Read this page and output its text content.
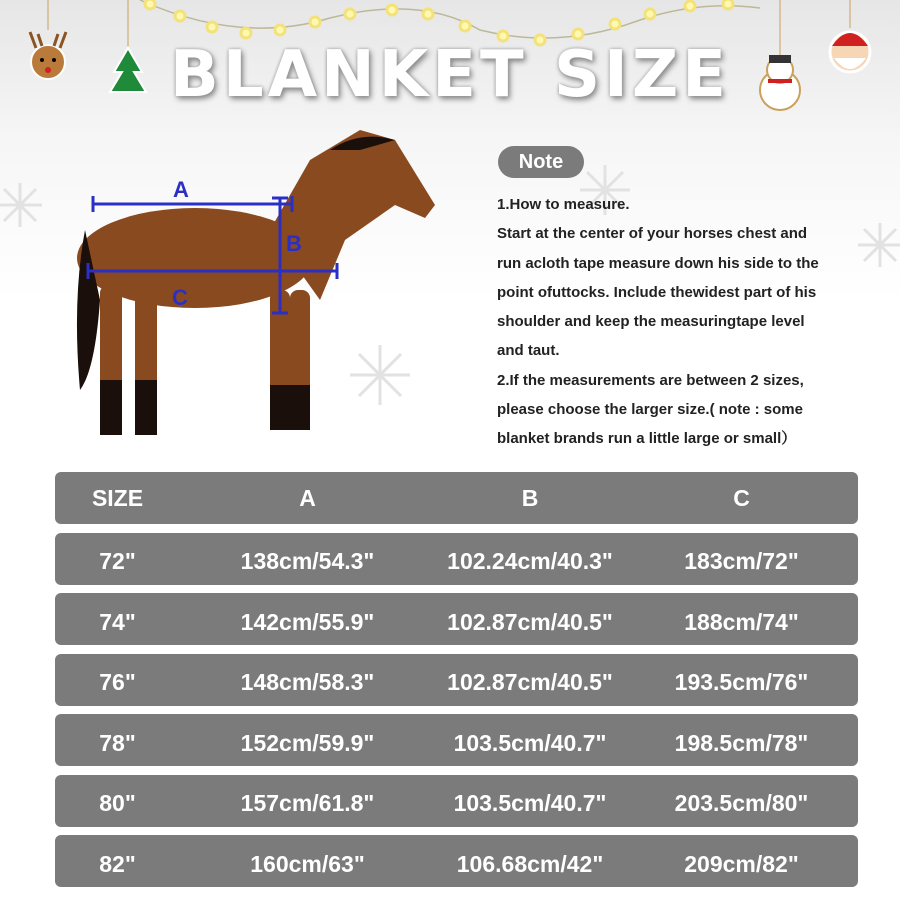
BLANKET SIZE
A
B
C
Note
1.How to measure.
Start at the center of your horses chest and
run acloth tape measure down his side to the
point ofuttocks. Include thewidest part of his
shoulder and keep the measuringtape level
and taut.
2.If the measurements are between 2 sizes,
please choose the larger size.( note : some
blanket brands run a little large or small）
SIZE	A	B	C
72"	138cm/54.3"	102.24cm/40.3"	183cm/72"
74"	142cm/55.9"	102.87cm/40.5"	188cm/74"
76"	148cm/58.3"	102.87cm/40.5"	193.5cm/76"
78"	152cm/59.9"	103.5cm/40.7"	198.5cm/78"
80"	157cm/61.8"	103.5cm/40.7"	203.5cm/80"
82"	160cm/63"	106.68cm/42"	209cm/82"
